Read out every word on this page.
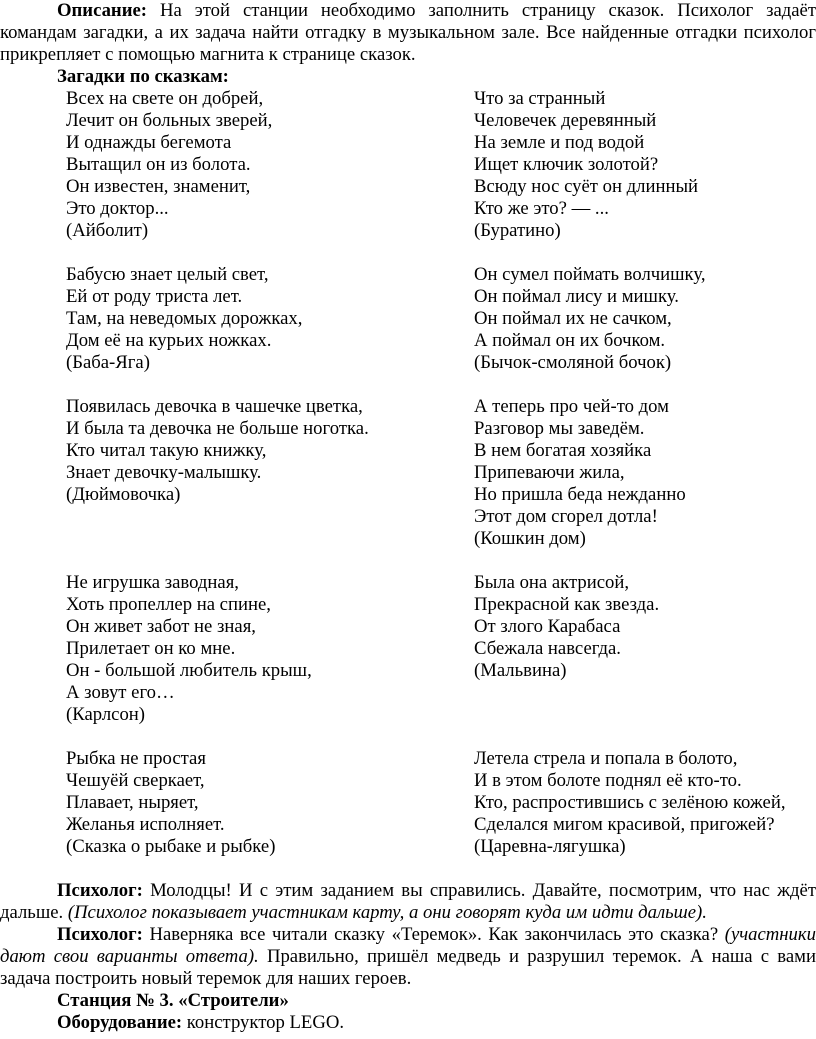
Описание: На этой станции необходимо заполнить страницу сказок. Психолог задаёт командам загадки, а их задача найти отгадку в музыкальном зале. Все найденные отгадки психолог прикрепляет с помощью магнита к странице сказок.
Загадки по сказкам:
Всех на свете он добрей,
Лечит он больных зверей,
И однажды бегемота
Вытащил он из болота.
Он известен, знаменит,
Это доктор...
(Айболит)
Что за странный
Человечек деревянный
На земле и под водой
Ищет ключик золотой?
Всюду нос суёт он длинный
Кто же это? — ...
(Буратино)
Бабусю знает целый свет,
Ей от роду триста лет.
Там, на неведомых дорожках,
Дом её на курьих ножках.
(Баба-Яга)
Он сумел поймать волчишку,
Он поймал лису и мишку.
Он поймал их не сачком,
А поймал он их бочком.
(Бычок-смоляной бочок)
Появилась девочка в чашечке цветка,
И была та девочка не больше ноготка.
Кто читал такую книжку,
Знает девочку-малышку.
(Дюймовочка)
А теперь про чей-то дом
Разговор мы заведём.
В нем богатая хозяйка
Припеваючи жила,
Но пришла беда нежданно
Этот дом сгорел дотла!
(Кошкин дом)
Не игрушка заводная,
Хоть пропеллер на спине,
Он живет забот не зная,
Прилетает он ко мне.
Он - большой любитель крыш,
А зовут его…
(Карлсон)
Была она актрисой,
Прекрасной как звезда.
От злого Карабаса
Сбежала навсегда.
(Мальвина)
Рыбка не простая
Чешуёй сверкает,
Плавает, ныряет,
Желанья исполняет.
(Сказка о рыбаке и рыбке)
Летела стрела и попала в болото,
И в этом болоте поднял её кто-то.
Кто, распростившись с зелёною кожей,
Сделался мигом красивой, пригожей?
(Царевна-лягушка)
Психолог: Молодцы! И с этим заданием вы справились. Давайте, посмотрим, что нас ждёт дальше. (Психолог показывает участникам карту, а они говорят куда им идти дальше).
Психолог: Наверняка все читали сказку «Теремок». Как закончилась это сказка? (участники дают свои варианты ответа). Правильно, пришёл медведь и разрушил теремок. А наша с вами задача построить новый теремок для наших героев.
Станция № 3. «Строители»
Оборудование: конструктор LEGO.
